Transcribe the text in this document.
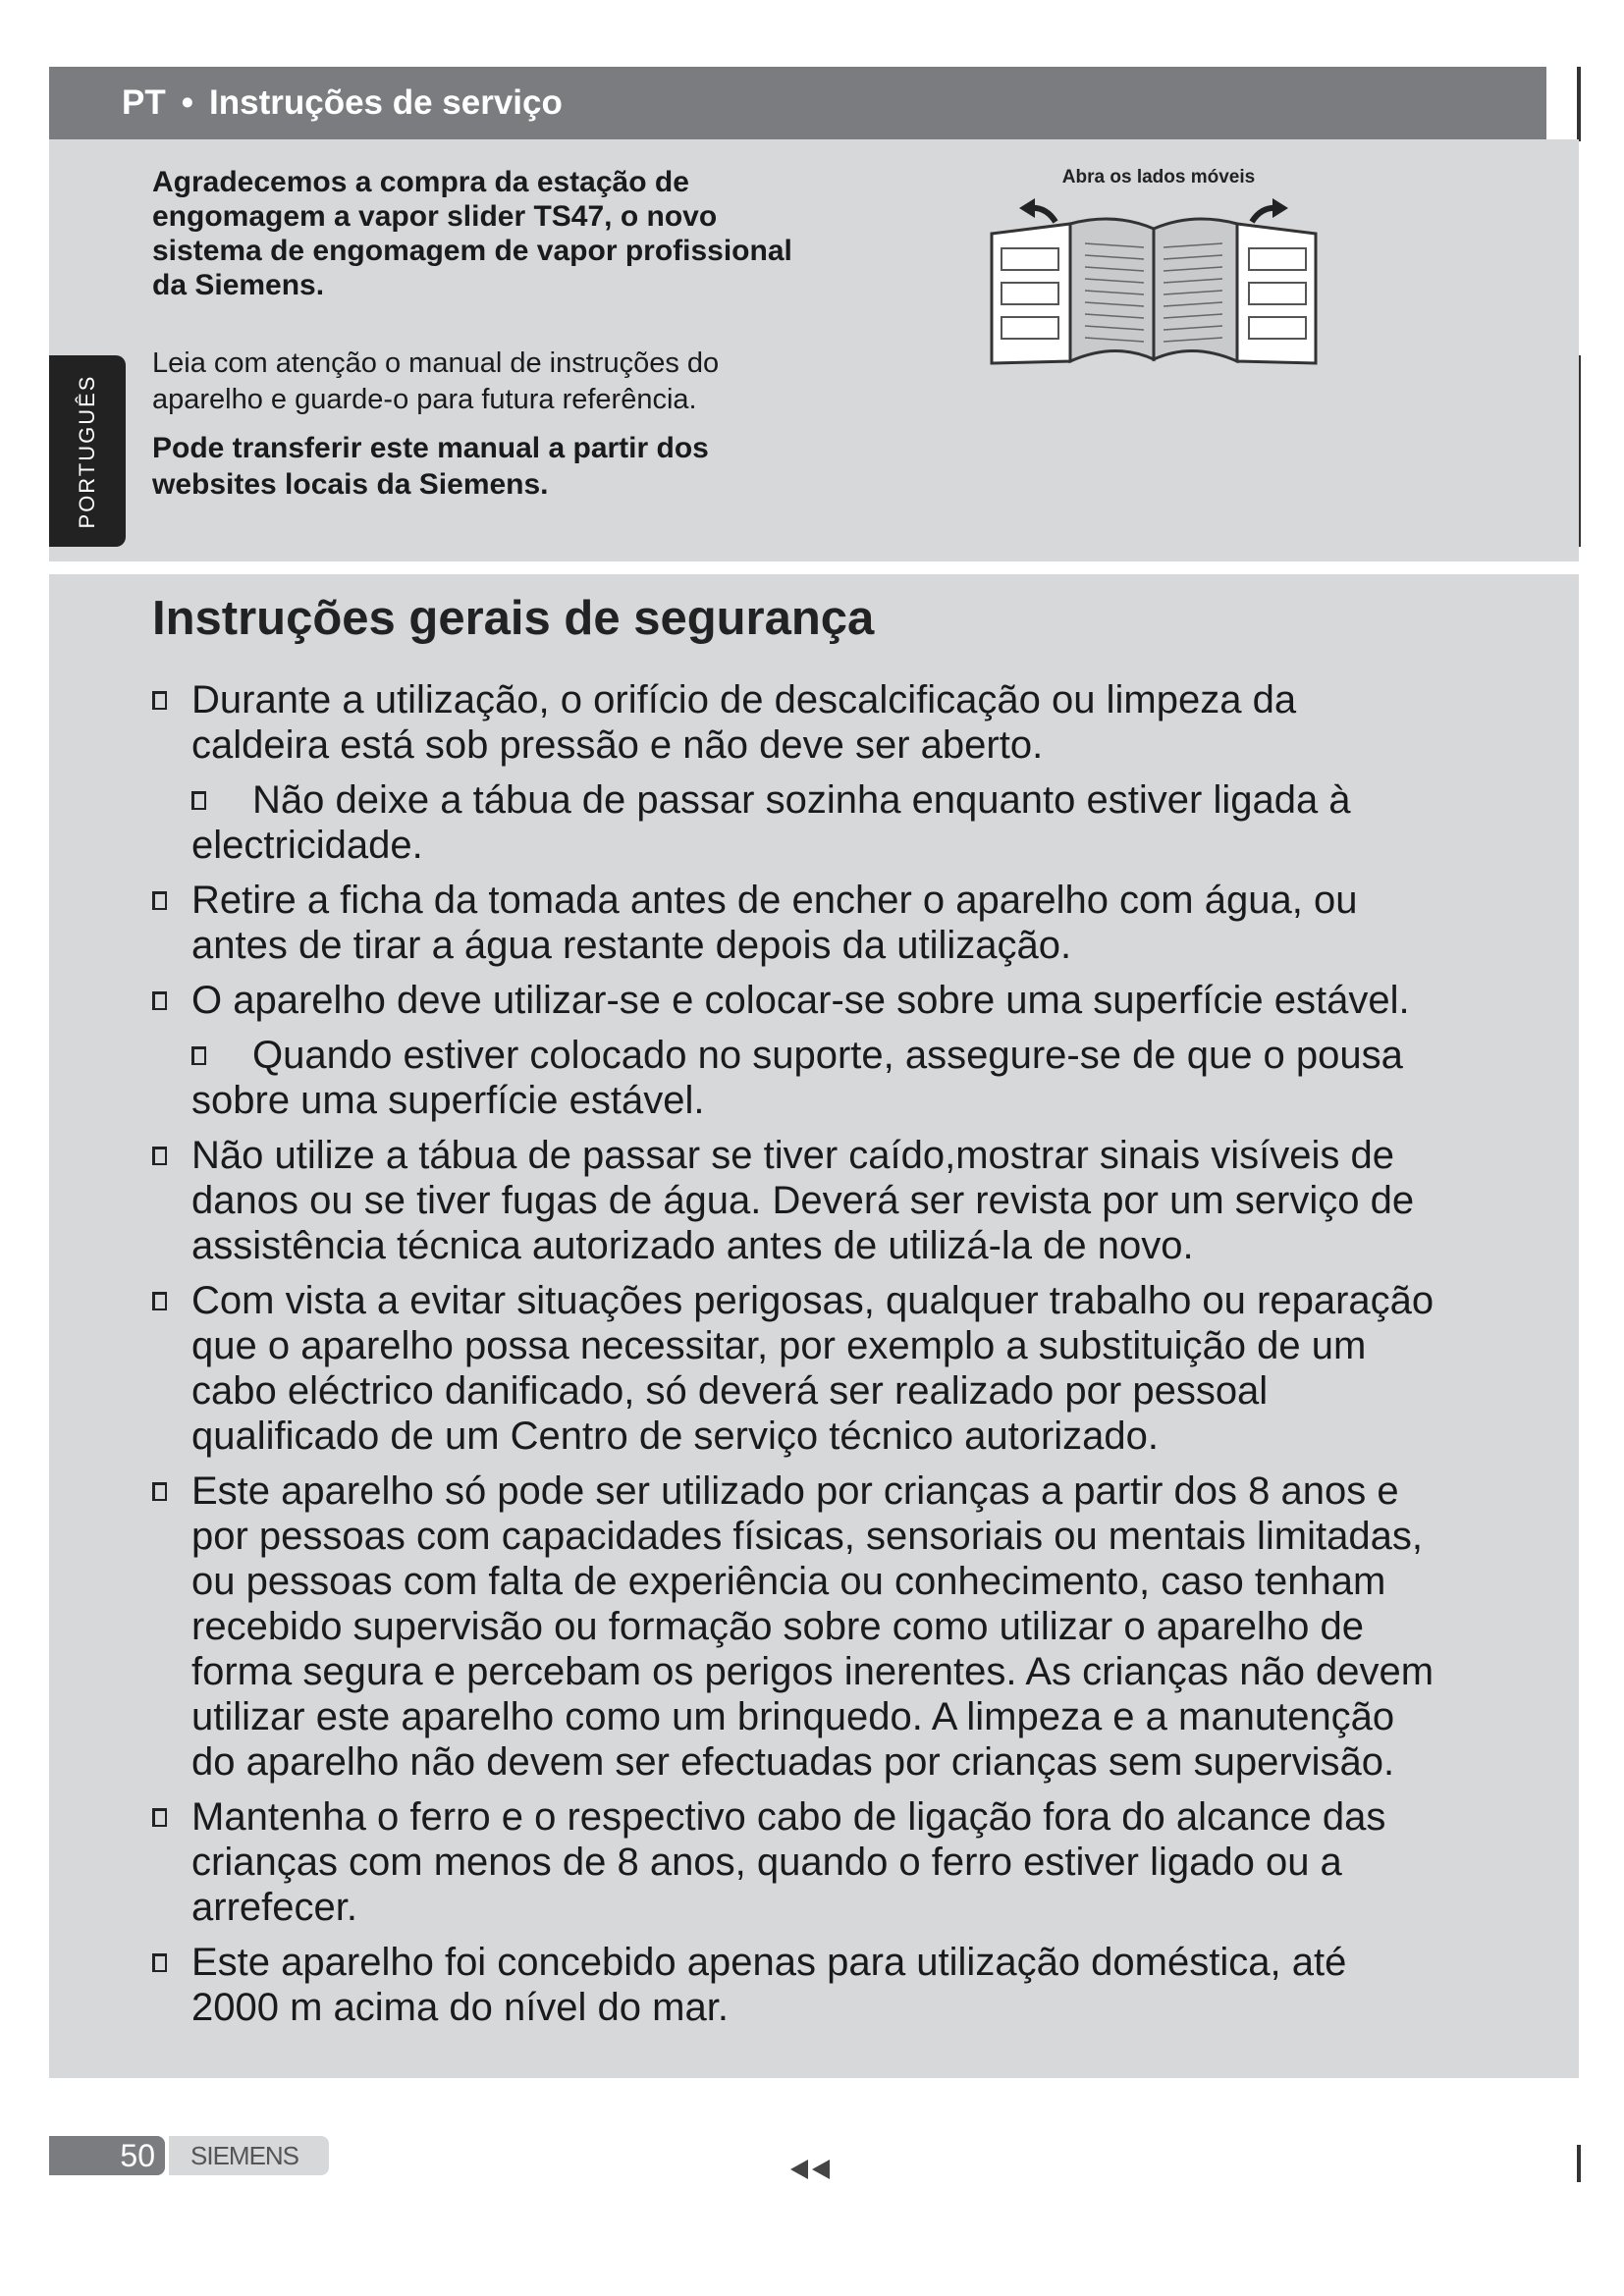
PT • Instruções de serviço
PORTUGUÊS
Agradecemos a compra da estação de
engomagem a vapor slider TS47, o novo
sistema de engomagem de vapor profissional
da Siemens.
Leia com atenção o manual de instruções do
aparelho e guarde-o para futura referência.
Pode transferir este manual a partir dos
websites locais da Siemens.
Abra os lados móveis
Instruções gerais de segurança
Durante a utilização, o orifício de descalcificação ou limpeza da
caldeira está sob pressão e não deve ser aberto.
Não deixe a tábua de passar sozinha enquanto estiver ligada à
electricidade.
Retire a ficha da tomada antes de encher o aparelho com água, ou
antes de tirar a água restante depois da utilização.
O aparelho deve utilizar-se e colocar-se sobre uma superfície estável.
Quando estiver colocado no suporte, assegure-se de que o pousa
sobre uma superfície estável.
Não utilize a tábua de passar se tiver caído,mostrar sinais visíveis de
danos ou se tiver fugas de água. Deverá ser revista por um serviço de
assistência técnica autorizado antes de utilizá-la de novo.
Com vista a evitar situações perigosas, qualquer trabalho ou reparação
que o aparelho possa necessitar, por exemplo a substituição de um
cabo eléctrico danificado, só deverá ser realizado por pessoal
qualificado de um Centro de serviço técnico autorizado.
Este aparelho só pode ser utilizado por crianças a partir dos 8 anos e
por pessoas com capacidades físicas, sensoriais ou mentais limitadas,
ou pessoas com falta de experiência ou conhecimento, caso tenham
recebido supervisão ou formação sobre como utilizar o aparelho de
forma segura e percebam os perigos inerentes. As crianças não devem
utilizar este aparelho como um brinquedo. A limpeza e a manutenção
do aparelho não devem ser efectuadas por crianças sem supervisão.
Mantenha o ferro e o respectivo cabo de ligação fora do alcance das
crianças com menos de 8 anos, quando o ferro estiver ligado ou a
arrefecer.
Este aparelho foi concebido apenas para utilização doméstica, até
2000 m acima do nível do mar.
50	SIEMENS
